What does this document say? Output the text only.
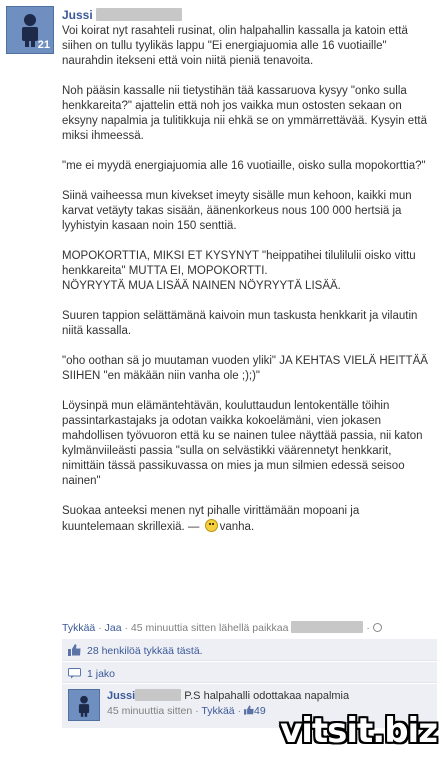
21
Jussi

Voi koirat nyt rasahteli rusinat, olin halpahallin kassalla ja katoin että siihen on tullu tyylikäs lappu "Ei energiajuomia alle 16 vuotiaille" naurahdin itekseni että voin niitä pieniä tenavoita.

Noh pääsin kassalle nii tietystihän tää kassaruova kysyy "onko sulla henkkareita?" ajattelin että noh jos vaikka mun ostosten sekaan on eksyny napalmia ja tulitikkuja nii ehkä se on ymmärrettävää. Kysyin että miksi ihmeessä.

"me ei myydä energiajuomia alle 16 vuotiaille, oisko sulla mopokorttia?"

Siinä vaiheessa mun kivekset imeyty sisälle mun kehoon, kaikki mun karvat vetäyty takas sisään, äänenkorkeus nous 100 000 hertsiä ja lyyhistyin kasaan noin 150 senttiä.

MOPOKORTTIA, MIKSI ET KYSYNYT "heippatihei tilulilulii oisko vittu henkkareita" MUTTA EI, MOPOKORTTI.
NÖYRYYTÄ MUA LISÄÄ NAINEN NÖYRYYTÄ LISÄÄ.

Suuren tappion selättämänä kaivoin mun taskusta henkkarit ja vilautin niitä kassalla.

"oho oothan sä jo muutaman vuoden yliki" JA KEHTAS VIELÄ HEITTÄÄ SIIHEN "en mäkään niin vanha ole ;);)"

Löysinpä mun elämäntehtävän, kouluttaudun lentokentälle töihin passintarkastajaks ja odotan vaikka kokoelämäni, vien jokasen mahdollisen työvuoron että ku se nainen tulee näyttää passia, nii katon kylmänviileästi passia "sulla on selvästikki väärennetyt henkkarit, nimittäin tässä passikuvassa on mies ja mun silmien edessä seisoo nainen"

Suokaa anteeksi menen nyt pihalle virittämään mopoani ja kuuntelemaan skrillexiä. — vanha.

Tykkää · Jaa · 45 minuuttia sitten lähellä paikkaa	·
28 henkilöä tykkää tästä.
1 jako
Jussi	P.S halpahalli odottakaa napalmia
45 minuuttia sitten · Tykkää · 49 vitsit.biz
